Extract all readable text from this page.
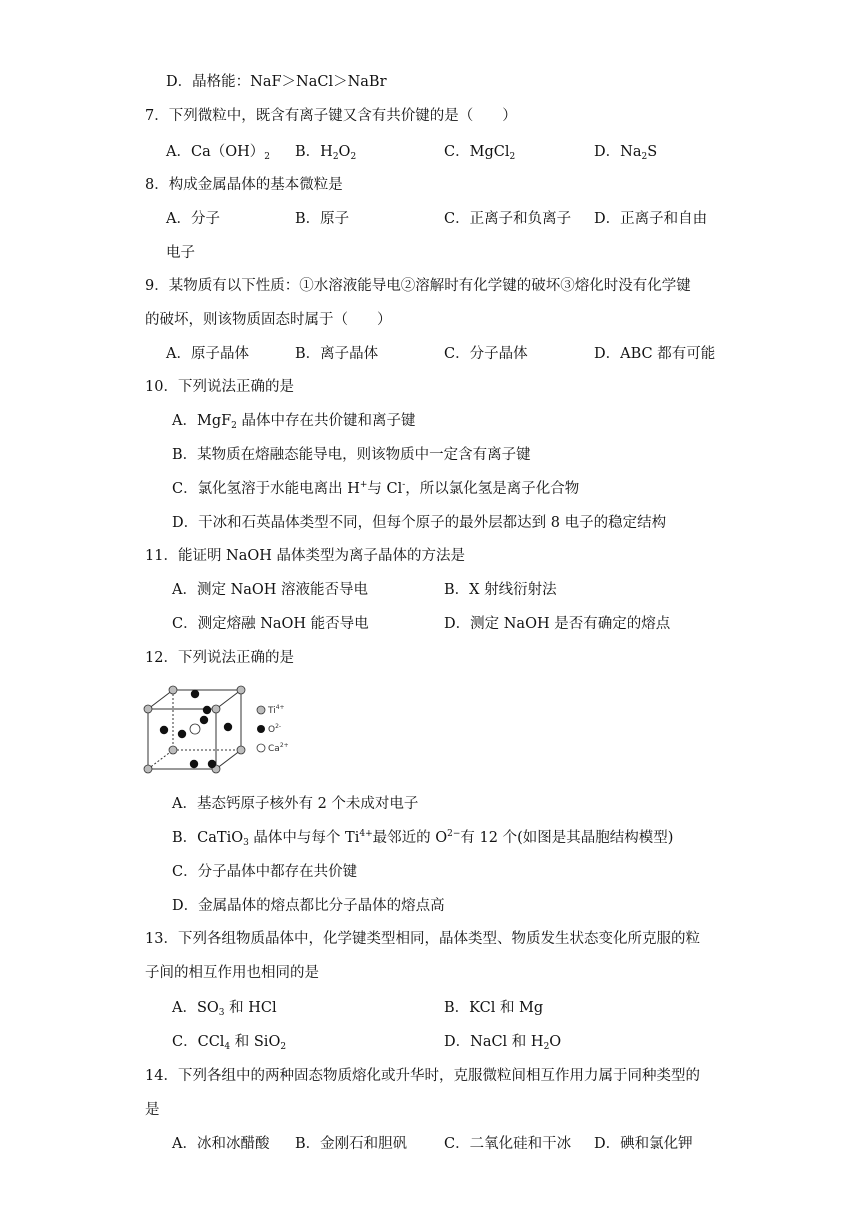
D．晶格能：NaF＞NaCl＞NaBr
7．下列微粒中，既含有离子键又含有共价键的是（　　）
A．$Ca(OH)_2$ B．$H_2O_2$	C．MgCl$_2$	D．$Na_2S$
8．构成金属晶体的基本微粒是
A．分子	B．原子	C．正离子和负离子 D．正离子和自由
电子
9．某物质有以下性质：①水溶液能导电②溶解时有化学键的破坏③熔化时没有化学键
的破坏，则该物质固态时属于（　　）
A．原子晶体	B．离子晶体	C．分子晶体	D．ABC 都有可能
10．下列说法正确的是
A．MgF$_2$ 晶体中存在共价键和离子键
B．某物质在熔融态能导电，则该物质中一定含有离子键
C．氯化氢溶于水能电离出 H+与 Cl-，所以氯化氢是离子化合物
D．干冰和石英晶体类型不同，但每个原子的最外层都达到 8 电子的稳定结构
11．能证明 NaOH 晶体类型为离子晶体的方法是
A．测定 NaOH 溶液能否导电	B．X 射线衍射法
C．测定熔融 NaOH 能否导电	D．测定 NaOH 是否有确定的熔点
12．下列说法正确的是
$Ti^{4+}$
$O^{2-}$
$Ca^{2+}$
A．基态钙原子核外有 2 个未成对电子
B．CaTiO$_3$ 晶体中与每个 $Ti^{4+}$最邻近的 $O^{2-}$有 12 个(如图是其晶胞结构模型)
C．分子晶体中都存在共价键
D．金属晶体的熔点都比分子晶体的熔点高
13．下列各组物质晶体中，化学键类型相同，晶体类型、物质发生状态变化所克服的粒
子间的相互作用也相同的是
A．$SO_3$ 和 HCl	B．KCl 和 Mg
C．CCl$_4$ 和 SiO$_2$	D．NaCl 和 $H_2O$
14．下列各组中的两种固态物质熔化或升华时，克服微粒间相互作用力属于同种类型的
是
A．冰和冰醋酸 B．金刚石和胆矾	C．二氧化硅和干冰 D．碘和氯化钾
